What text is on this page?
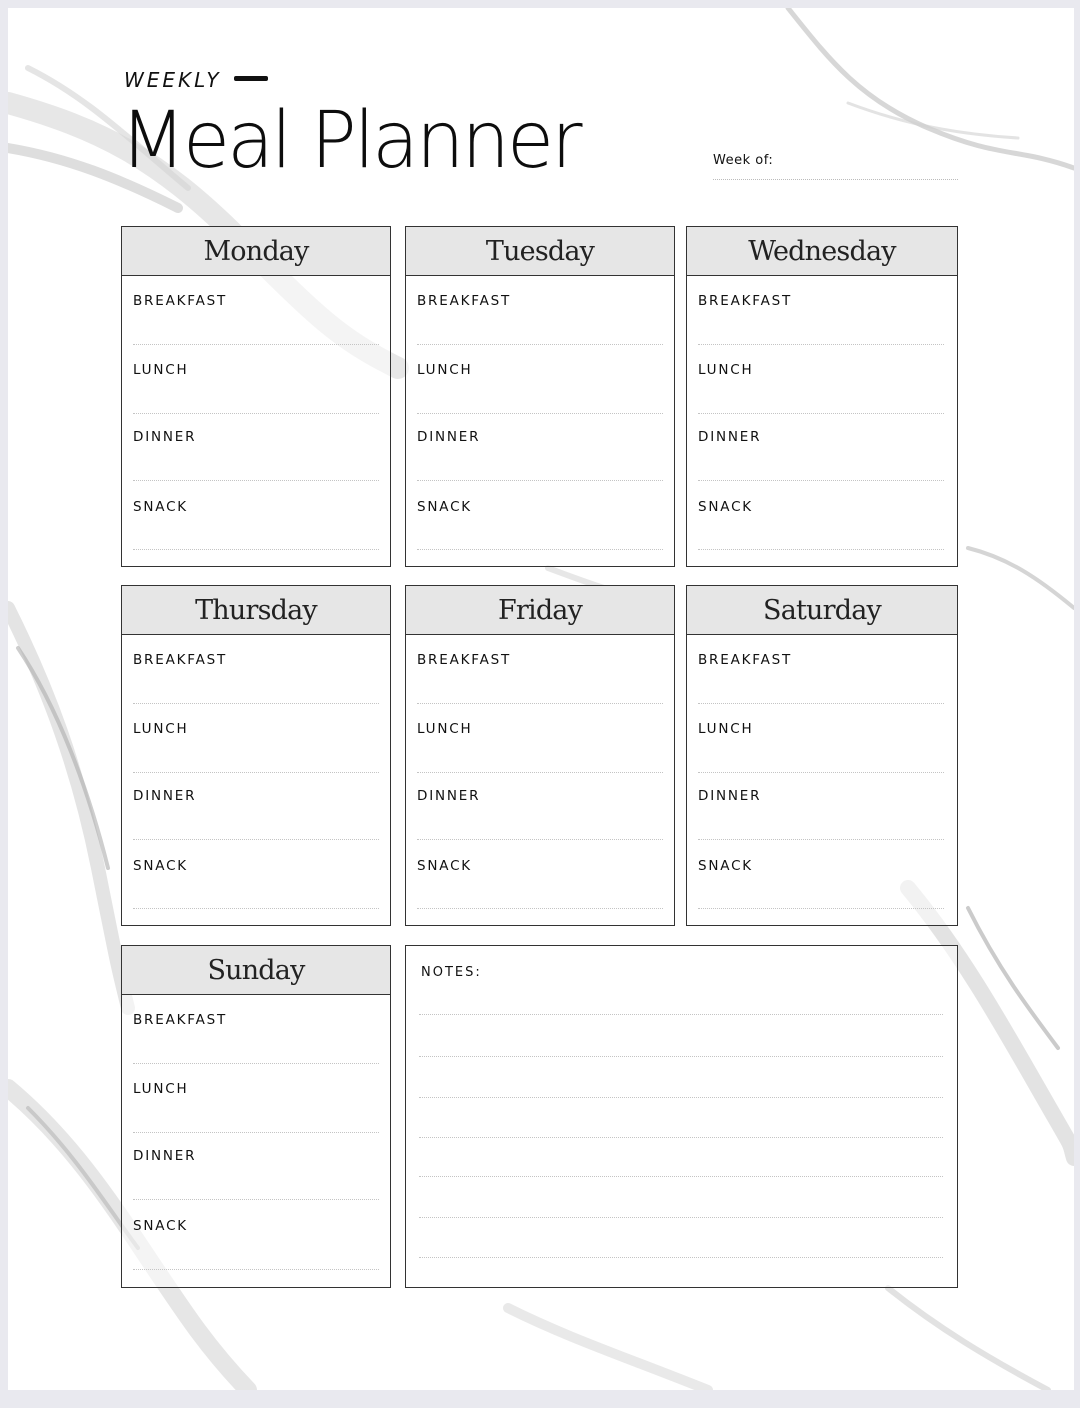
WEEKLY
Meal Planner	Week of:
Monday
BREAKFAST
LUNCH
DINNER
SNACK
Tuesday
BREAKFAST
LUNCH
DINNER
SNACK
Wednesday
BREAKFAST
LUNCH
DINNER
SNACK
Thursday
BREAKFAST
LUNCH
DINNER
SNACK
Friday
BREAKFAST
LUNCH
DINNER
SNACK
Saturday
BREAKFAST
LUNCH
DINNER
SNACK
Sunday
BREAKFAST
LUNCH
DINNER
SNACK
NOTES:
